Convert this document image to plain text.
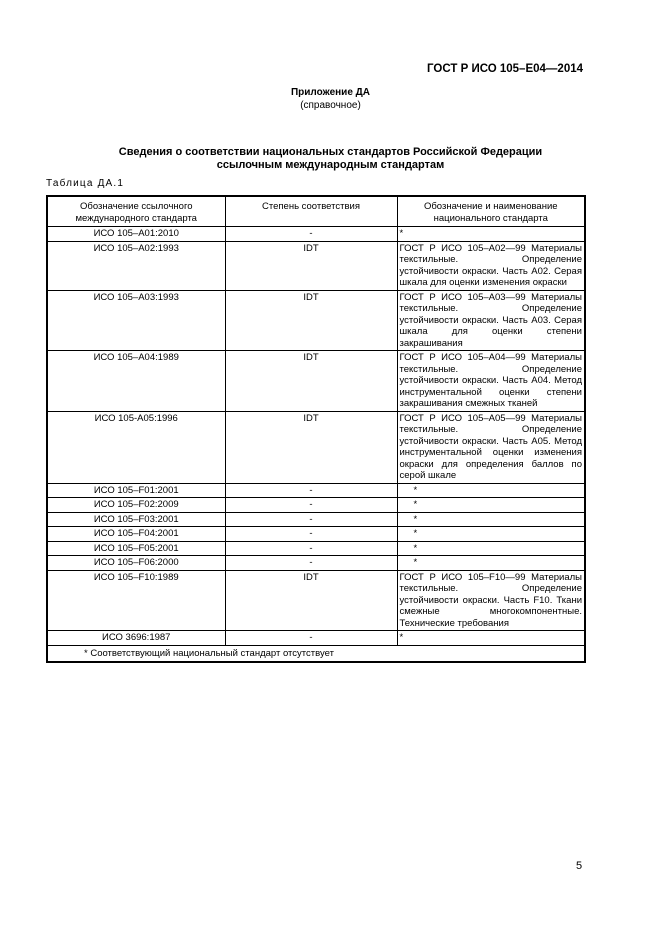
ГОСТ Р ИСО 105–E04—2014
Приложение ДА
(справочное)
Сведения о соответствии национальных стандартов Российской Федерации
ссылочным международным стандартам
Таблица ДА.1
Обозначение ссылочного международного стандарта	Степень соответствия	Обозначение и наименование национального стандарта
ИСО 105–A01:2010	-	*
ИСО 105–A02:1993	IDT	ГОСТ Р ИСО 105–A02—99 Материалы текстильные. Определение устойчивости окраски. Часть A02. Серая шкала для оценки изменения окраски
ИСО 105–A03:1993	IDT	ГОСТ Р ИСО 105–A03—99 Материалы текстильные. Определение устойчивости окраски. Часть A03. Серая шкала для оценки степени закрашивания
ИСО 105–A04:1989	IDT	ГОСТ Р ИСО 105–A04—99 Материалы текстильные. Определение устойчивости окраски. Часть A04. Метод инструментальной оценки степени закрашивания смежных тканей
ИСО 105-A05:1996	IDT	ГОСТ Р ИСО 105–A05—99 Материалы текстильные. Определение устойчивости окраски. Часть A05. Метод инструментальной оценки изменения окраски для определения баллов по серой шкале
ИСО 105–F01:2001	-	*
ИСО 105–F02:2009	-	*
ИСО 105–F03:2001	-	*
ИСО 105–F04:2001	-	*
ИСО 105–F05:2001	-	*
ИСО 105–F06:2000	-	*
ИСО 105–F10:1989	IDT	ГОСТ Р ИСО 105–F10—99 Материалы текстильные. Определение устойчивости окраски. Часть F10. Ткани смежные многокомпонентные. Технические требования
ИСО 3696:1987	-	*
* Соответствующий национальный стандарт отсутствует		
5
